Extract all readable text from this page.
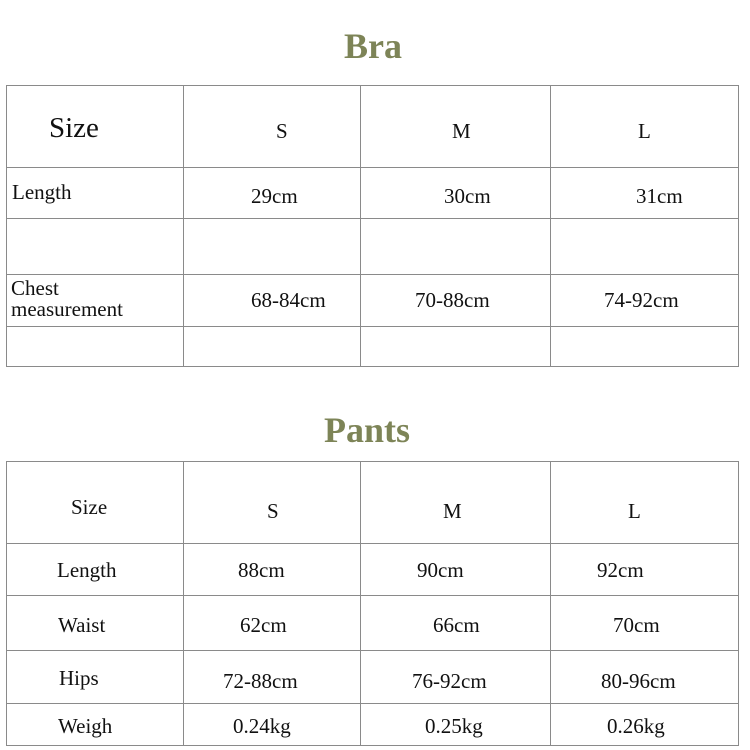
Bra
Size	S	M	L
Length	29cm	30cm	31cm
Chest
measurement	68-84cm	70-88cm	74-92cm
Pants
Size	S	M	L
Length	88cm	90cm	92cm
Waist	62cm	66cm	70cm
Hips	72-88cm	76-92cm	80-96cm
Weigh	0.24kg	0.25kg	0.26kg
